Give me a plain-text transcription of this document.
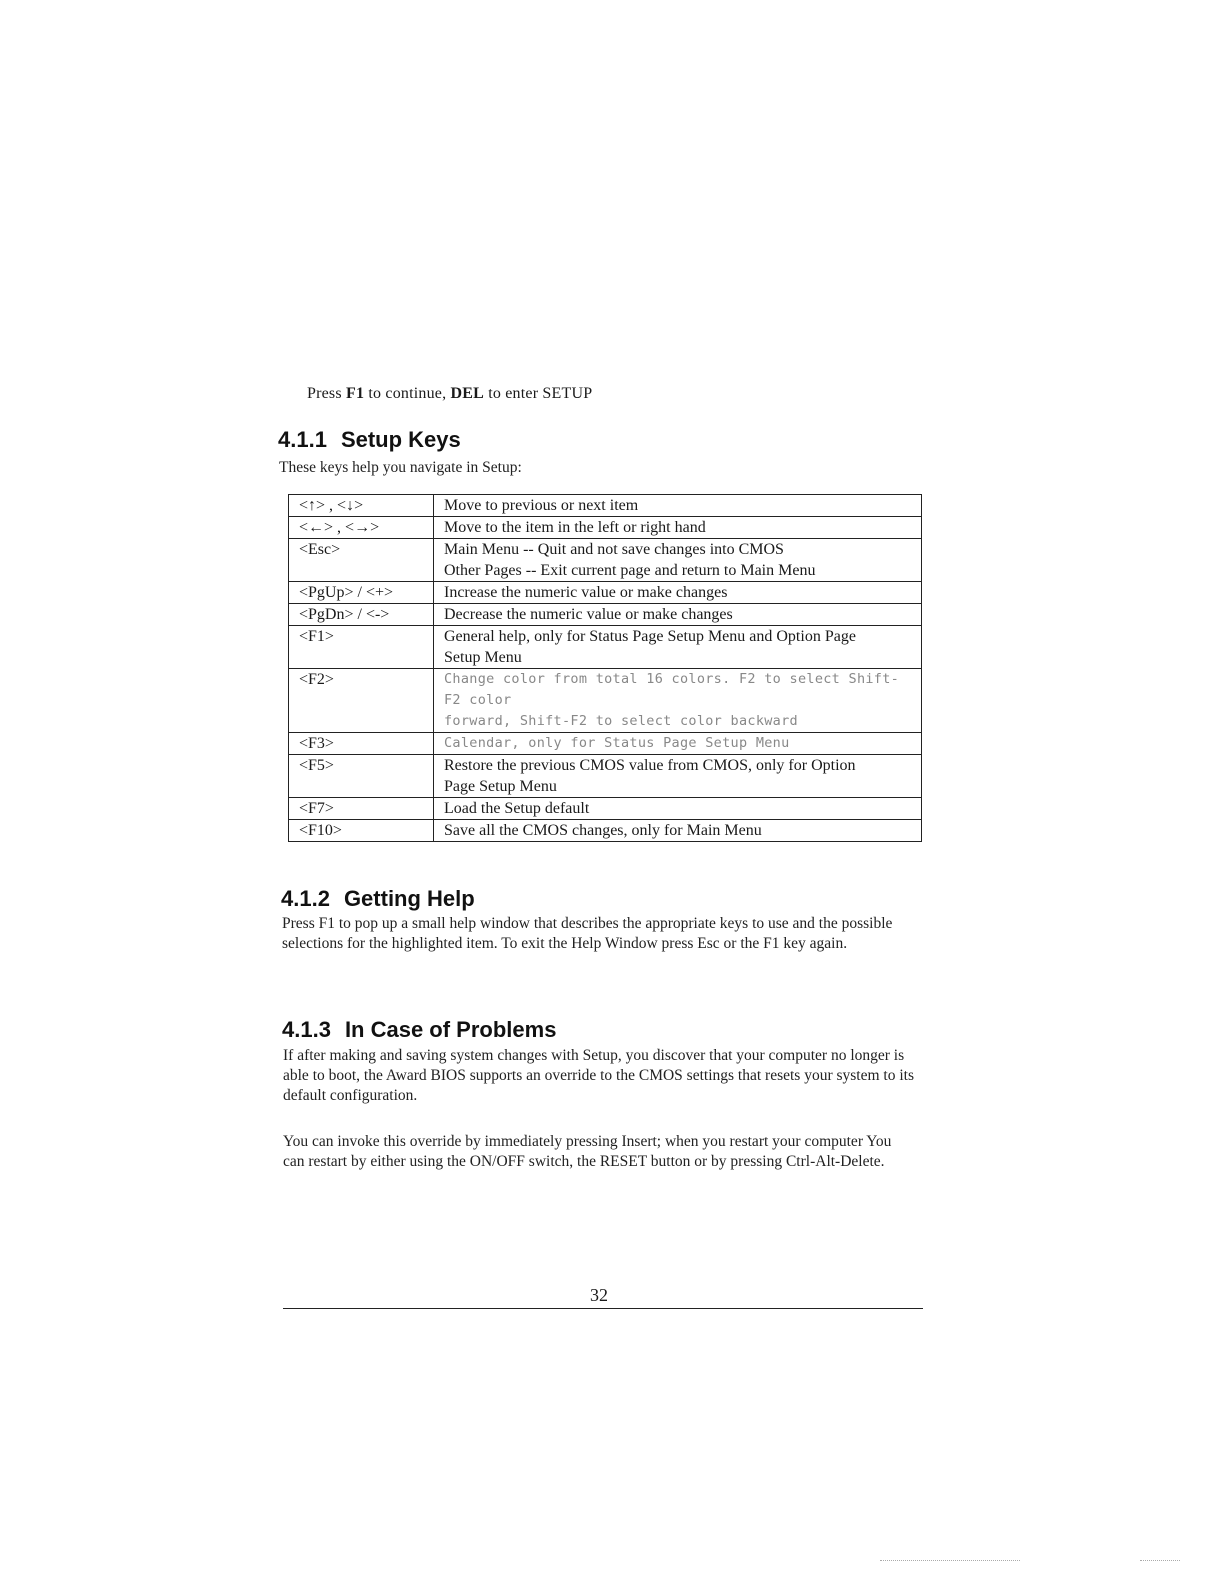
Press F1 to continue, DEL to enter SETUP

4.1.1 Setup Keys

These keys help you navigate in Setup:

<↑> , <↓>	Move to previous or next item

<←> , <→>	Move to the item in the left or right hand

<Esc>	Main Menu -- Quit and not save changes into CMOS
Other Pages -- Exit current page and return to Main Menu

<PgUp> / <+>	Increase the numeric value or make changes

<PgDn> / <->	Decrease the numeric value or make changes

<F1>	General help, only for Status Page Setup Menu and Option Page
Setup Menu

<F2>	Change color from total 16 colors. F2 to select Shift-F2 color
forward, Shift-F2 to select color backward

<F3>	Calendar, only for Status Page Setup Menu

<F5>	Restore the previous CMOS value from CMOS, only for Option
Page Setup Menu

<F7>	Load the Setup default

<F10>	Save all the CMOS changes, only for Main Menu
4.1.2 Getting Help

Press F1 to pop up a small help window that describes the appropriate keys to use and the possible selections for the highlighted item. To exit the Help Window press Esc or the F1 key again.

4.1.3 In Case of Problems

If after making and saving system changes with Setup, you discover that your computer no longer is able to boot, the Award BIOS supports an override to the CMOS settings that resets your system to its default configuration.

You can invoke this override by immediately pressing Insert; when you restart your computer You can restart by either using the ON/OFF switch, the RESET button or by pressing Ctrl-Alt-Delete.

32
